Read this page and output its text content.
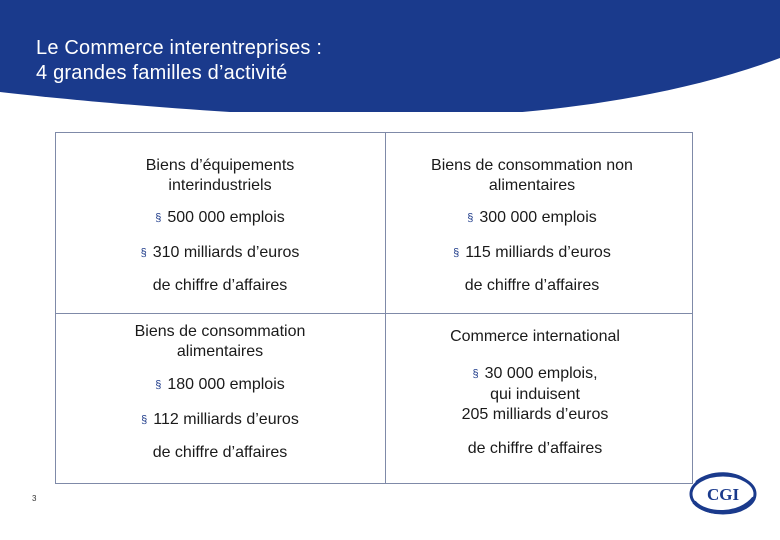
Le Commerce interentreprises :
4 grandes familles d’activité

Biens d’équipements

interindustriels

§ 500 000 emplois

§ 310 milliards d’euros

de chiffre d’affaires

Biens de consommation non

alimentaires

§ 300 000 emplois

§ 115 milliards d’euros

de chiffre d’affaires

Biens de consommation

alimentaires

§ 180 000 emplois

§ 112 milliards d’euros

de chiffre d’affaires

Commerce international

§ 30 000 emplois,

qui induisent

205 milliards d’euros

de chiffre d’affaires

3	CGI
